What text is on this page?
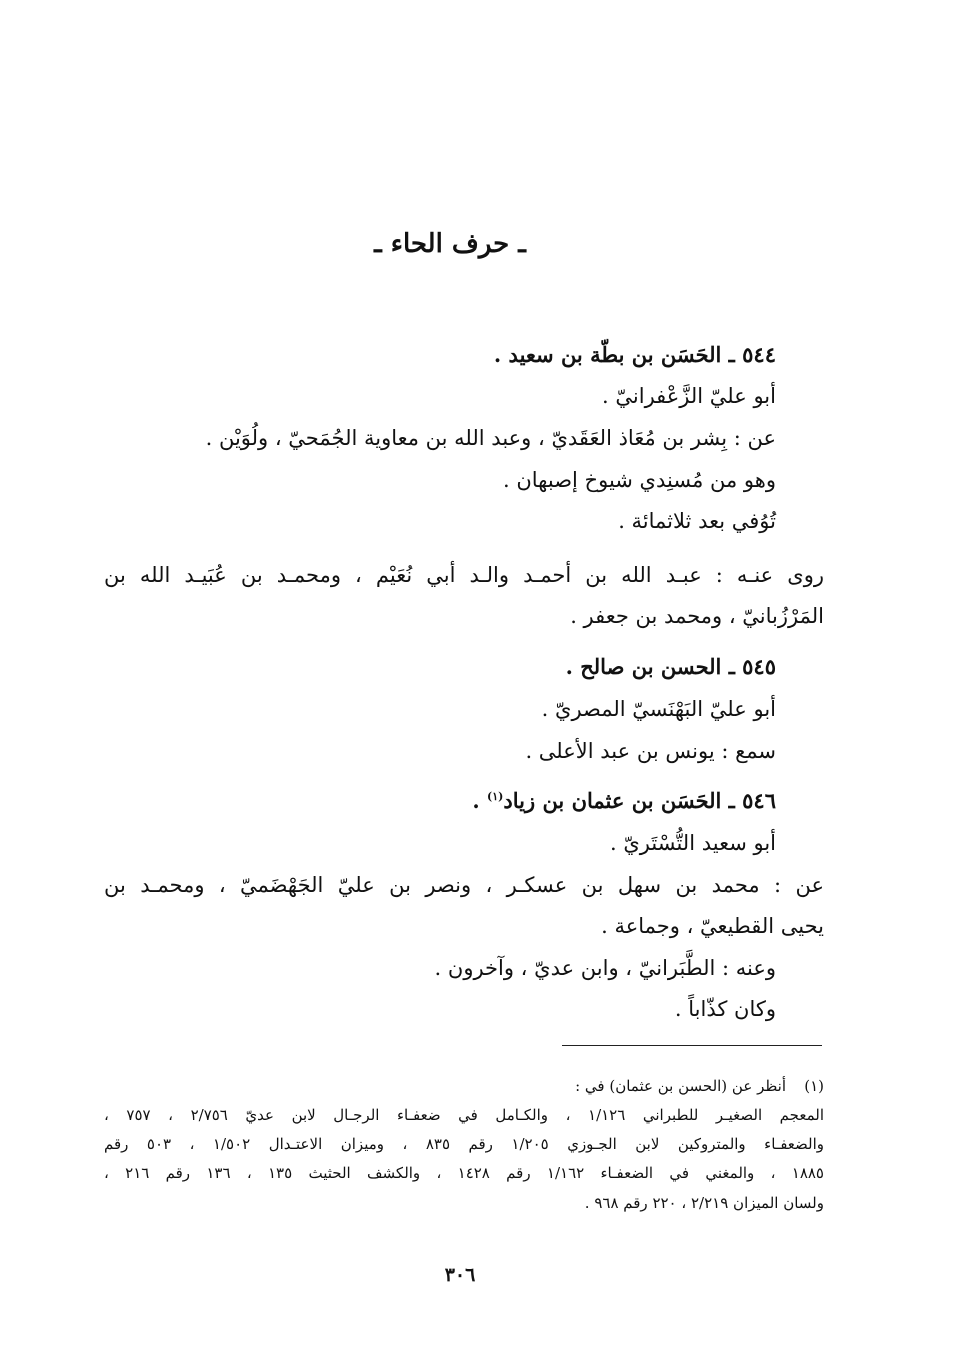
ـ حرف الحاء ـ
٥٤٤ ـ الحَسَن بن بطّة بن سعيد .
أبو عليّ الزَّعْفرانيّ .
عن : بِشر بن مُعَاذ العَقَديّ ، وعبد الله بن معاوية الجُمَحيّ ، ولُوَيْن .
وهو من مُسنِدي شيوخ إصبهان .
تُوُفي بعد ثلاثمائة .
روى عنـه : عبـد الله بن أحمـد والـد أبي نُعَيْم ، ومحمـد بن عُبَيـد الله بن
المَرْزُبانيّ ، ومحمد بن جعفر .
٥٤٥ ـ الحسن بن صالح .
أبو عليّ البَهْنَسيّ المصريّ .
سمع : يونس بن عبد الأعلى .
٥٤٦ ـ الحَسَن بن عثمان بن زياد$^{(١)}$ .
أبو سعيد التُّسْتَريّ .
عن : محمد بن سهل بن عسكـر ، ونصر بن عليّ الجَهْضَميّ ، ومحمـد بن
يحيى القطيعيّ ، وجماعة .
وعنه : الطَّبَرانيّ ، وابن عديّ ، وآخرون .
وكان كذّاباً .
(١)
أنظر عن (الحسن بن عثمان) في :
المعجم الصغيـر للطبراني ١/١٢٦ ، والكـامل في ضعفـاء الرجـال لابن عديّ ٢/٧٥٦ ، ٧٥٧ ،
والضعفـاء والمتروكين لابن الجـوزي ١/٢٠٥ رقم ٨٣٥ ، وميزان الاعتـدال ١/٥٠٢ ، ٥٠٣ رقم
١٨٨٥ ، والمغني في الضعفـاء ١/١٦٢ رقم ١٤٢٨ ، والكشف الحثيث ١٣٥ ، ١٣٦ رقم ٢١٦ ،
ولسان الميزان ٢/٢١٩ ، ٢٢٠ رقم ٩٦٨ .
٣٠٦
